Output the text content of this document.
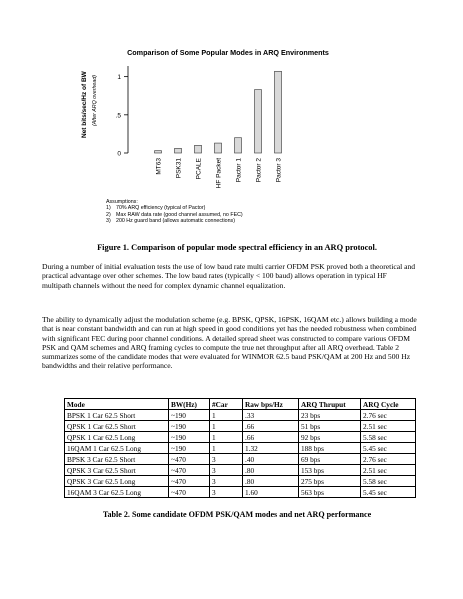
Comparison of Some Popular Modes in ARQ Environments
Net bits/sec/Hz of BW (After ARQ overhead)
0
.5
1
MT63 PSK31 PCALE HF Packet Pactor 1 Pactor 2 Pactor 3
Assumptions:
1) 70% ARQ efficiency (typical of Pactor)
2) Max RAW data rate (good channel assumed, no FEC)
3) 200 Hz guard band (allows automatic connections)
Figure 1. Comparison of popular mode spectral efficiency in an ARQ protocol.
During a number of initial evaluation tests the use of low baud rate multi carrier OFDM PSK proved both a theoretical and practical advantage over other schemes. The low baud rates (typically < 100 baud) allows operation in typical HF multipath channels without the need for complex dynamic channel equalization.
The ability to dynamically adjust the modulation scheme (e.g. BPSK, QPSK, 16PSK, 16QAM etc.) allows building a mode that is near constant bandwidth and can run at high speed in good conditions yet has the needed robustness when combined with significant FEC during poor channel conditions. A detailed spread sheet was constructed to compare various OFDM PSK and QAM schemes and ARQ framing cycles to compute the true net throughput after all ARQ overhead. Table 2 summarizes some of the candidate modes that were evaluated for WINMOR 62.5 baud PSK/QAM at 200 Hz and 500 Hz bandwidths and their relative performance.
Mode	BW(Hz)	#Car	Raw bps/Hz	ARQ Thruput	ARQ Cycle
BPSK 1 Car 62.5 Short	~190	1	.33	23 bps	2.76 sec
QPSK 1 Car 62.5 Short	~190	1	.66	51 bps	2.51 sec
QPSK 1 Car 62.5 Long	~190	1	.66	92 bps	5.58 sec
16QAM 1 Car 62.5 Long	~190	1	1.32	188 bps	5.45 sec
BPSK 3 Car 62.5 Short	~470	3	.40	69 bps	2.76 sec
QPSK 3 Car 62.5 Short	~470	3	.80	153 bps	2.51 sec
QPSK 3 Car 62.5 Long	~470	3	.80	275 bps	5.58 sec
16QAM 3 Car 62.5 Long	~470	3	1.60	563 bps	5.45 sec
Table 2. Some candidate OFDM PSK/QAM modes and net ARQ performance
